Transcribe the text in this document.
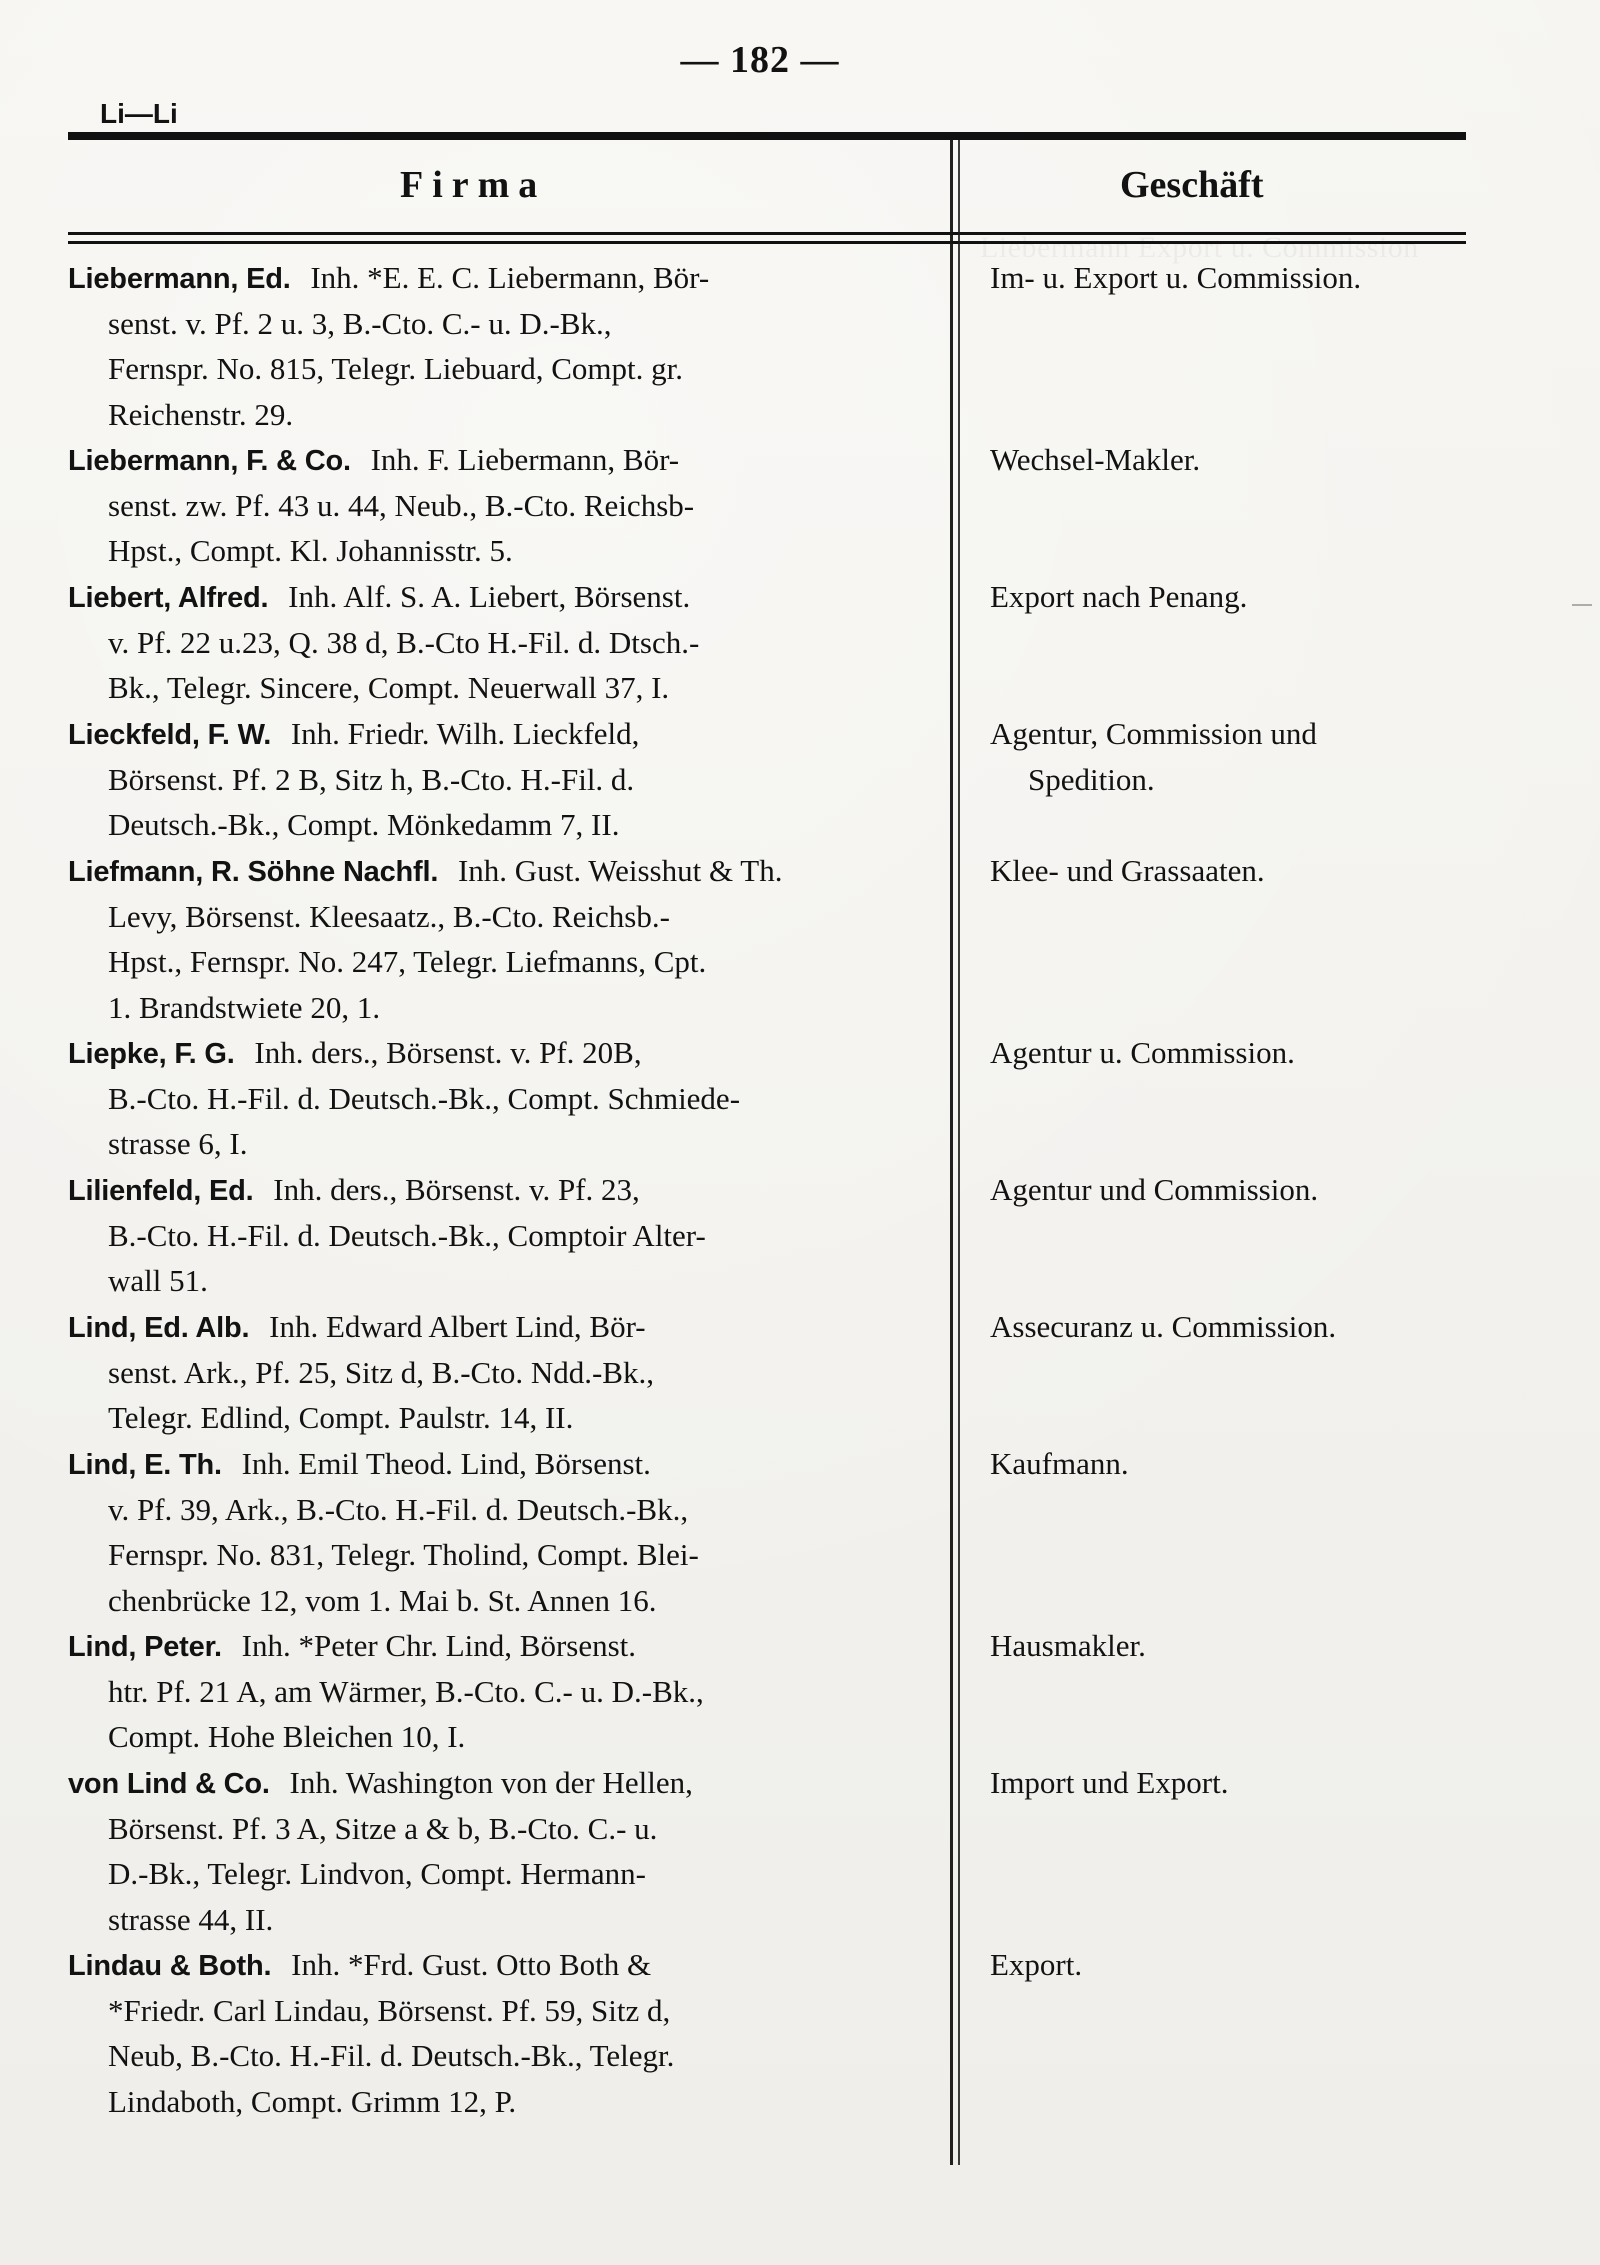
Liebermann Export u. Commission

— 182 —
Li—Li
Firma	Geschäft
Liebermann, Ed. Inh. *E. E. C. Liebermann, Bör-
senst. v. Pf. 2 u. 3, B.-Cto. C.- u. D.-Bk.,
Fernspr. No. 815, Telegr. Liebuard, Compt. gr.
Reichenstr. 29.
Im- u. Export u. Commission.
Liebermann, F. & Co. Inh. F. Liebermann, Bör-
senst. zw. Pf. 43 u. 44, Neub., B.-Cto. Reichsb-
Hpst., Compt. Kl. Johannisstr. 5.
Wechsel-Makler.
Liebert, Alfred. Inh. Alf. S. A. Liebert, Börsenst.
v. Pf. 22 u.23, Q. 38 d, B.-Cto H.-Fil. d. Dtsch.-
Bk., Telegr. Sincere, Compt. Neuerwall 37, I.
Export nach Penang.
Lieckfeld, F. W. Inh. Friedr. Wilh. Lieckfeld,
Börsenst. Pf. 2 B, Sitz h, B.-Cto. H.-Fil. d.
Deutsch.-Bk., Compt. Mönkedamm 7, II.
Agentur, Commission und
Spedition.
Liefmann, R. Söhne Nachfl. Inh. Gust. Weisshut & Th.
Levy, Börsenst. Kleesaatz., B.-Cto. Reichsb.-
Hpst., Fernspr. No. 247, Telegr. Liefmanns, Cpt.
1. Brandstwiete 20, 1.
Klee- und Grassaaten.
Liepke, F. G. Inh. ders., Börsenst. v. Pf. 20B,
B.-Cto. H.-Fil. d. Deutsch.-Bk., Compt. Schmiede-
strasse 6, I.
Agentur u. Commission.
Lilienfeld, Ed. Inh. ders., Börsenst. v. Pf. 23,
B.-Cto. H.-Fil. d. Deutsch.-Bk., Comptoir Alter-
wall 51.
Agentur und Commission.
Lind, Ed. Alb. Inh. Edward Albert Lind, Bör-
senst. Ark., Pf. 25, Sitz d, B.-Cto. Ndd.-Bk.,
Telegr. Edlind, Compt. Paulstr. 14, II.
Assecuranz u. Commission.
Lind, E. Th. Inh. Emil Theod. Lind, Börsenst.
v. Pf. 39, Ark., B.-Cto. H.-Fil. d. Deutsch.-Bk.,
Fernspr. No. 831, Telegr. Tholind, Compt. Blei-
chenbrücke 12, vom 1. Mai b. St. Annen 16.
Kaufmann.
Lind, Peter. Inh. *Peter Chr. Lind, Börsenst.
htr. Pf. 21 A, am Wärmer, B.-Cto. C.- u. D.-Bk.,
Compt. Hohe Bleichen 10, I.
Hausmakler.
von Lind & Co. Inh. Washington von der Hellen,
Börsenst. Pf. 3 A, Sitze a & b, B.-Cto. C.- u.
D.-Bk., Telegr. Lindvon, Compt. Hermann-
strasse 44, II.
Import und Export.
Lindau & Both. Inh. *Frd. Gust. Otto Both &
*Friedr. Carl Lindau, Börsenst. Pf. 59, Sitz d,
Neub, B.-Cto. H.-Fil. d. Deutsch.-Bk., Telegr.
Lindaboth, Compt. Grimm 12, P.
Export.
